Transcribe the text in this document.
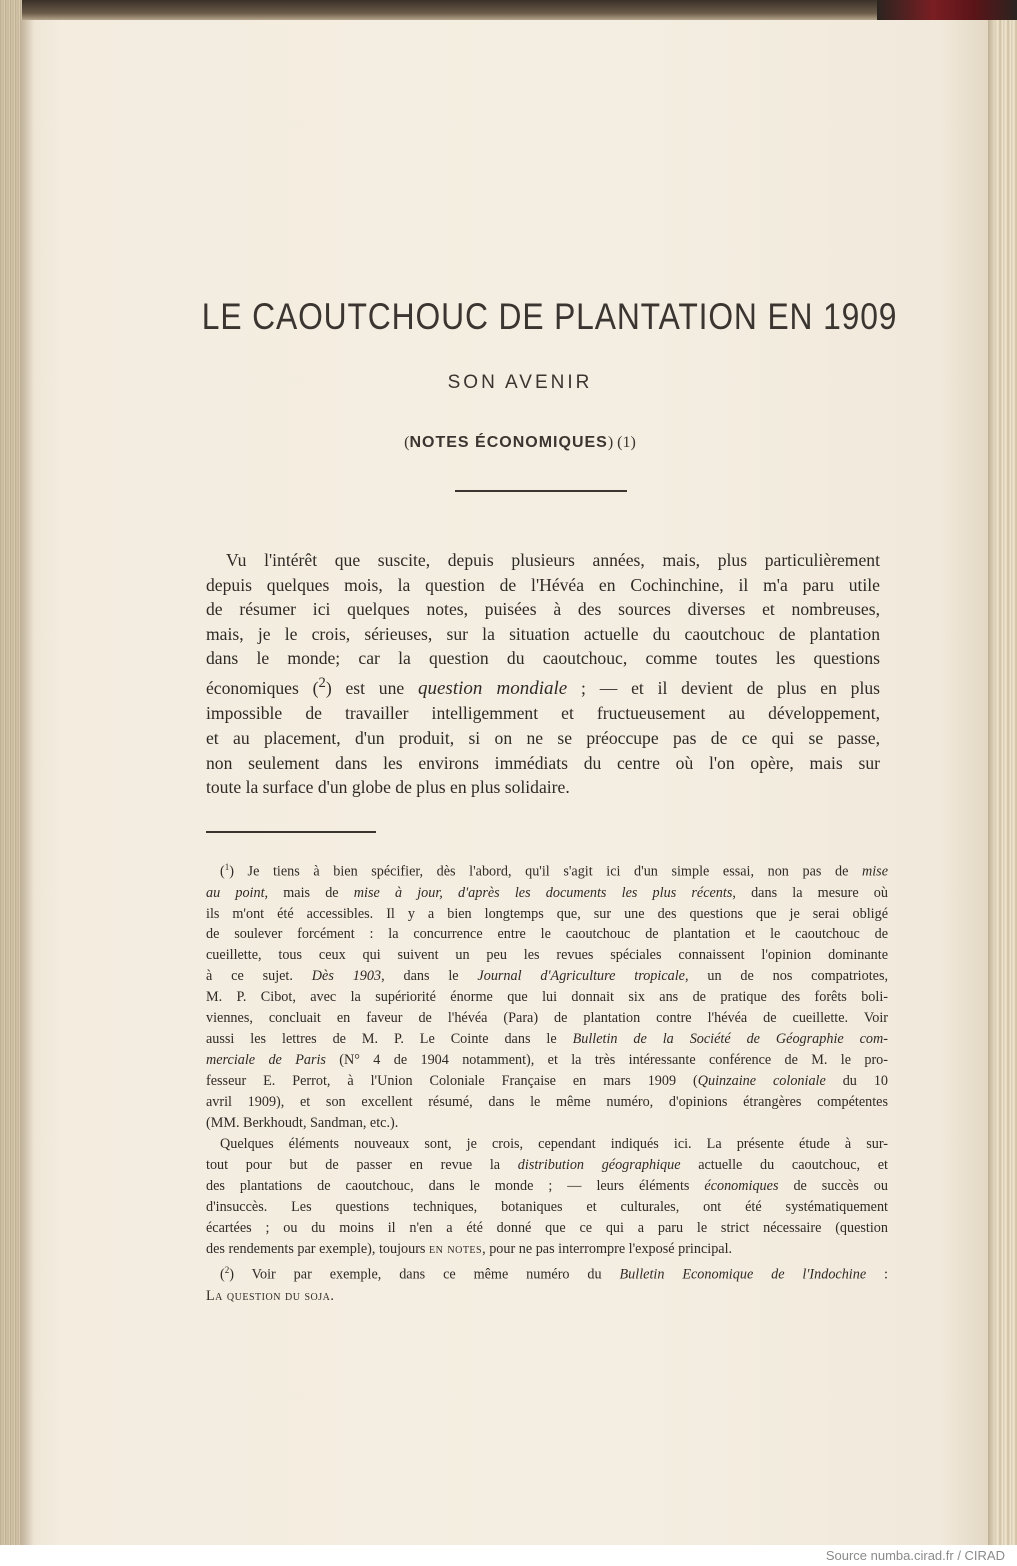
LE CAOUTCHOUC DE PLANTATION EN 1909
SON AVENIR
(NOTES ÉCONOMIQUES) (1)
Vu l'intérêt que suscite, depuis plusieurs années, mais, plus particulièrement
depuis quelques mois, la question de l'Hévéa en Cochinchine, il m'a paru utile
de résumer ici quelques notes, puisées à des sources diverses et nombreuses,
mais, je le crois, sérieuses, sur la situation actuelle du caoutchouc de plantation
dans le monde; car la question du caoutchouc, comme toutes les questions
économiques ($^2$) est une question mondiale ; — et il devient de plus en plus
impossible de travailler intelligemment et fructueusement au développement,
et au placement, d'un produit, si on ne se préoccupe pas de ce qui se passe,
non seulement dans les environs immédiats du centre où l'on opère, mais sur
toute la surface d'un globe de plus en plus solidaire.
($^1$) Je tiens à bien spécifier, dès l'abord, qu'il s'agit ici d'un simple essai, non pas de mise
au point, mais de mise à jour, d'après les documents les plus récents, dans la mesure où
ils m'ont été accessibles. Il y a bien longtemps que, sur une des questions que je serai obligé
de soulever forcément : la concurrence entre le caoutchouc de plantation et le caoutchouc de
cueillette, tous ceux qui suivent un peu les revues spéciales connaissent l'opinion dominante
à ce sujet. Dès 1903, dans le Journal d'Agriculture tropicale, un de nos compatriotes,
M. P. Cibot, avec la supériorité énorme que lui donnait six ans de pratique des forêts boli-
viennes, concluait en faveur de l'hévéa (Para) de plantation contre l'hévéa de cueillette. Voir
aussi les lettres de M. P. Le Cointe dans le Bulletin de la Société de Géographie com-
merciale de Paris (N° 4 de 1904 notamment), et la très intéressante conférence de M. le pro-
fesseur E. Perrot, à l'Union Coloniale Française en mars 1909 (Quinzaine coloniale du 10
avril 1909), et son excellent résumé, dans le même numéro, d'opinions étrangères compétentes
(MM. Berkhoudt, Sandman, etc.).
Quelques éléments nouveaux sont, je crois, cependant indiqués ici. La présente étude à sur-
tout pour but de passer en revue la distribution géographique actuelle du caoutchouc, et
des plantations de caoutchouc, dans le monde ; — leurs éléments économiques de succès ou
d'insuccès. Les questions techniques, botaniques et culturales, ont été systématiquement
écartées ; ou du moins il n'en a été donné que ce qui a paru le strict nécessaire (question
des rendements par exemple), toujours en notes, pour ne pas interrompre l'exposé principal.
($^2$) Voir par exemple, dans ce même numéro du Bulletin Economique de l'Indochine :
La question du soja.
Source numba.cirad.fr / CIRAD
